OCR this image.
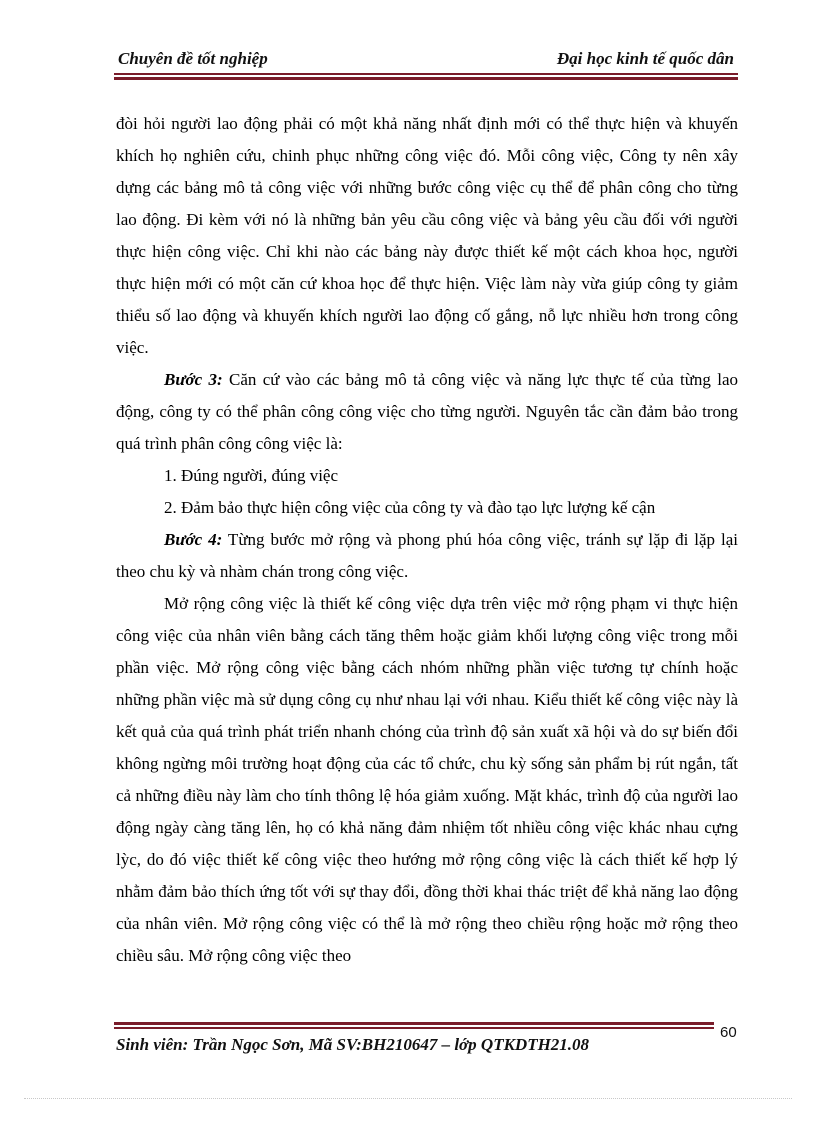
Chuyên đề tốt nghiệp	Đại học kinh tế quốc dân

đòi hỏi người lao động phải có một khả năng nhất định mới có thể thực hiện và khuyến khích họ nghiên cứu, chinh phục những công việc đó. Mỗi công việc, Công ty nên xây dựng các bảng mô tả công việc với những bước công việc cụ thể để phân công cho từng lao động. Đi kèm với nó là những bản yêu cầu công việc và bảng yêu cầu đối với người thực hiện công việc. Chỉ khi nào các bảng này được thiết kế một cách khoa học, người thực hiện mới có một căn cứ khoa học để thực hiện. Việc làm này vừa giúp công ty giảm thiểu số lao động và khuyến khích người lao động cố gắng, nỗ lực nhiều hơn trong công việc.

Bước 3: Căn cứ vào các bảng mô tả công việc và năng lực thực tế của từng lao động, công ty có thể phân công công việc cho từng người. Nguyên tắc cần đảm bảo trong quá trình phân công công việc là:

1. Đúng người, đúng việc

2. Đảm bảo thực hiện công việc của công ty và đào tạo lực lượng kế cận

Bước 4: Từng bước mở rộng và phong phú hóa công việc, tránh sự lặp đi lặp lại theo chu kỳ và nhàm chán trong công việc.

Mở rộng công việc là thiết kế công việc dựa trên việc mở rộng phạm vi thực hiện công việc của nhân viên bằng cách tăng thêm hoặc giảm khối lượng công việc trong mỗi phần việc. Mở rộng công việc bằng cách nhóm những phần việc tương tự chính hoặc những phần việc mà sử dụng công cụ như nhau lại với nhau. Kiểu thiết kế công việc này là kết quả của quá trình phát triển nhanh chóng của trình độ sản xuất xã hội và do sự biến đổi không ngừng môi trường hoạt động của các tổ chức, chu kỳ sống sản phẩm bị rút ngắn, tất cả những điều này làm cho tính thông lệ hóa giảm xuống. Mặt khác, trình độ của người lao động ngày càng tăng lên, họ có khả năng đảm nhiệm tốt nhiều công việc khác nhau cựng lỳc, do đó việc thiết kế công việc theo hướng mở rộng công việc là cách thiết kế hợp lý nhằm đảm bảo thích ứng tốt với sự thay đổi, đồng thời khai thác triệt để khả năng lao động của nhân viên. Mở rộng công việc có thể là mở rộng theo chiều rộng hoặc mở rộng theo chiều sâu. Mở rộng công việc theo

60
Sinh viên: Trần Ngọc Sơn, Mã SV:BH210647 – lớp QTKDTH21.08
